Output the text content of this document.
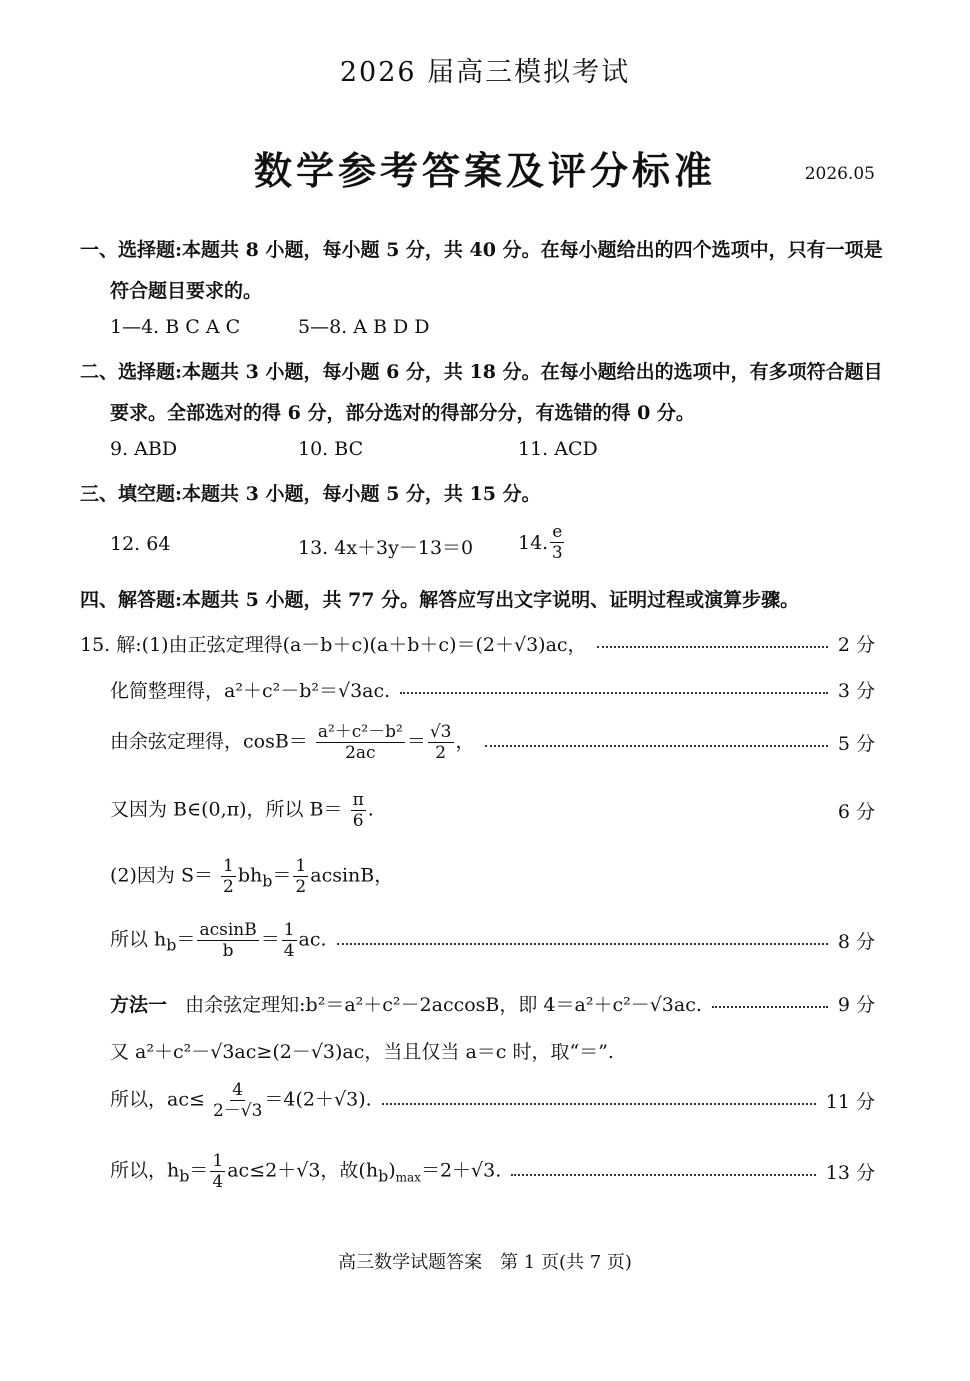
2026 届高三模拟考试
数学参考答案及评分标准	2026.05
一、选择题:本题共 8 小题，每小题 5 分，共 40 分。在每小题给出的四个选项中，只有一项是
符合题目要求的。
1—4. B C A C	5—8. A B D D
二、选择题:本题共 3 小题，每小题 6 分，共 18 分。在每小题给出的选项中，有多项符合题目
要求。全部选对的得 6 分，部分选对的得部分分，有选错的得 0 分。
9. ABD	10. BC	11. ACD
三、填空题:本题共 3 小题，每小题 5 分，共 15 分。
12. 64	13. 4x＋3y－13＝0 14. $\frac{e}{3}$
四、解答题:本题共 5 小题，共 77 分。解答应写出文字说明、证明过程或演算步骤。
15. 解:(1)由正弦定理得(a－b＋c)(a＋b＋c)＝(2＋√3)ac，	2 分
化简整理得，a²＋c²－b²＝√3ac.	3 分
由余弦定理得，$\cos B= \frac{\text{a²＋c²－b²}}{2ac} = \frac{√3}{2}$ ，	5 分
又因为 B∈(0,π)，所以 $B= \frac{\pi}{6}$ .	6 分
(2)因为 $S= \frac{1}{2} bh_b= \frac{1}{2}$ acsinB，
所以 $h_b= \frac{acsinB}{b} = \frac{1}{4}$ ac.	8 分
方法一 由余弦定理知:b²＝a²＋c²－2accosB，即 4＝a²＋c²－√3ac.	9 分
又 a²＋c²－√3ac≥(2－√3)ac，当且仅当 a＝c 时，取“＝”.
所以，$ac\le \frac{4}{2-√3} =4(2+√3)$.	11 分
所以，$h_b= \frac{1}{4} ac\le 2+√3$，故$(h_b)_{max}=2+√3$.	13 分
高三数学试题答案　第 1 页(共 7 页)
